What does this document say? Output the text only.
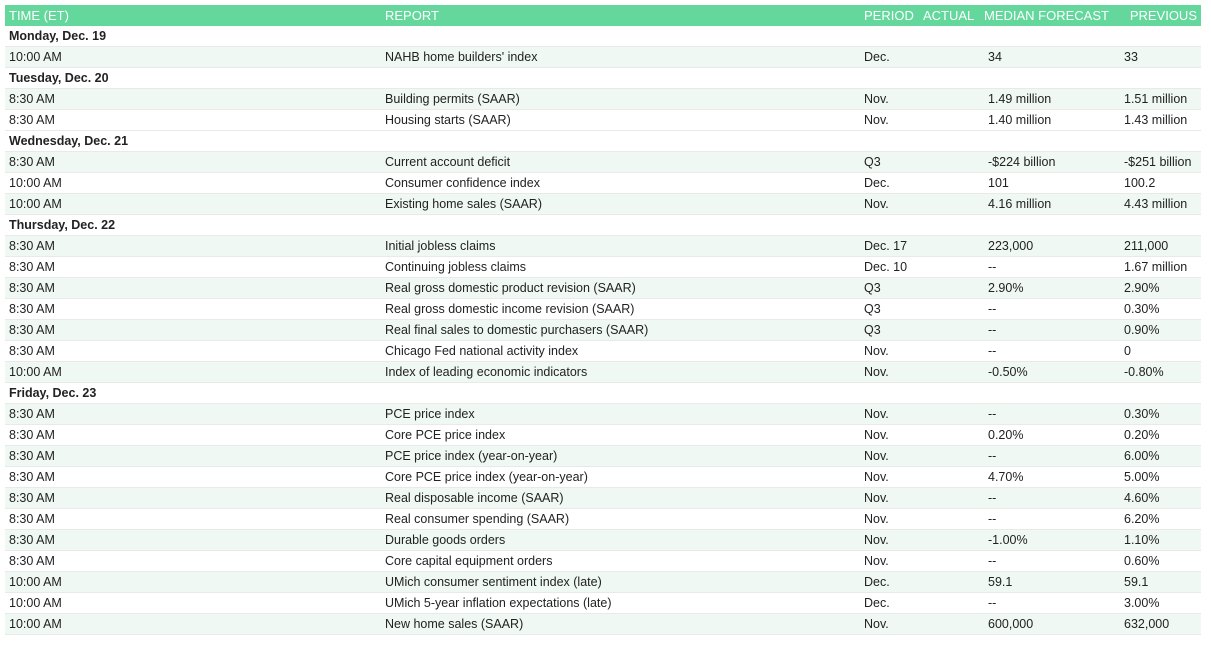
TIME (ET)	REPORT	PERIOD	ACTUAL	MEDIAN FORECAST	PREVIOUS
Monday, Dec. 19					
10:00 AM	NAHB home builders' index	Dec.		34	33
Tuesday, Dec. 20					
8:30 AM	Building permits (SAAR)	Nov.		1.49 million	1.51 million
8:30 AM	Housing starts (SAAR)	Nov.		1.40 million	1.43 million
Wednesday, Dec. 21					
8:30 AM	Current account deficit	Q3		-$224 billion	-$251 billion
10:00 AM	Consumer confidence index	Dec.		101	100.2
10:00 AM	Existing home sales (SAAR)	Nov.		4.16 million	4.43 million
Thursday, Dec. 22					
8:30 AM	Initial jobless claims	Dec. 17		223,000	211,000
8:30 AM	Continuing jobless claims	Dec. 10		--	1.67 million
8:30 AM	Real gross domestic product revision (SAAR)	Q3		2.90%	2.90%
8:30 AM	Real gross domestic income revision (SAAR)	Q3		--	0.30%
8:30 AM	Real final sales to domestic purchasers (SAAR)	Q3		--	0.90%
8:30 AM	Chicago Fed national activity index	Nov.		--	0
10:00 AM	Index of leading economic indicators	Nov.		-0.50%	-0.80%
Friday, Dec. 23					
8:30 AM	PCE price index	Nov.		--	0.30%
8:30 AM	Core PCE price index	Nov.		0.20%	0.20%
8:30 AM	PCE price index (year-on-year)	Nov.		--	6.00%
8:30 AM	Core PCE price index (year-on-year)	Nov.		4.70%	5.00%
8:30 AM	Real disposable income (SAAR)	Nov.		--	4.60%
8:30 AM	Real consumer spending (SAAR)	Nov.		--	6.20%
8:30 AM	Durable goods orders	Nov.		-1.00%	1.10%
8:30 AM	Core capital equipment orders	Nov.		--	0.60%
10:00 AM	UMich consumer sentiment index (late)	Dec.		59.1	59.1
10:00 AM	UMich 5-year inflation expectations (late)	Dec.		--	3.00%
10:00 AM	New home sales (SAAR)	Nov.		600,000	632,000
